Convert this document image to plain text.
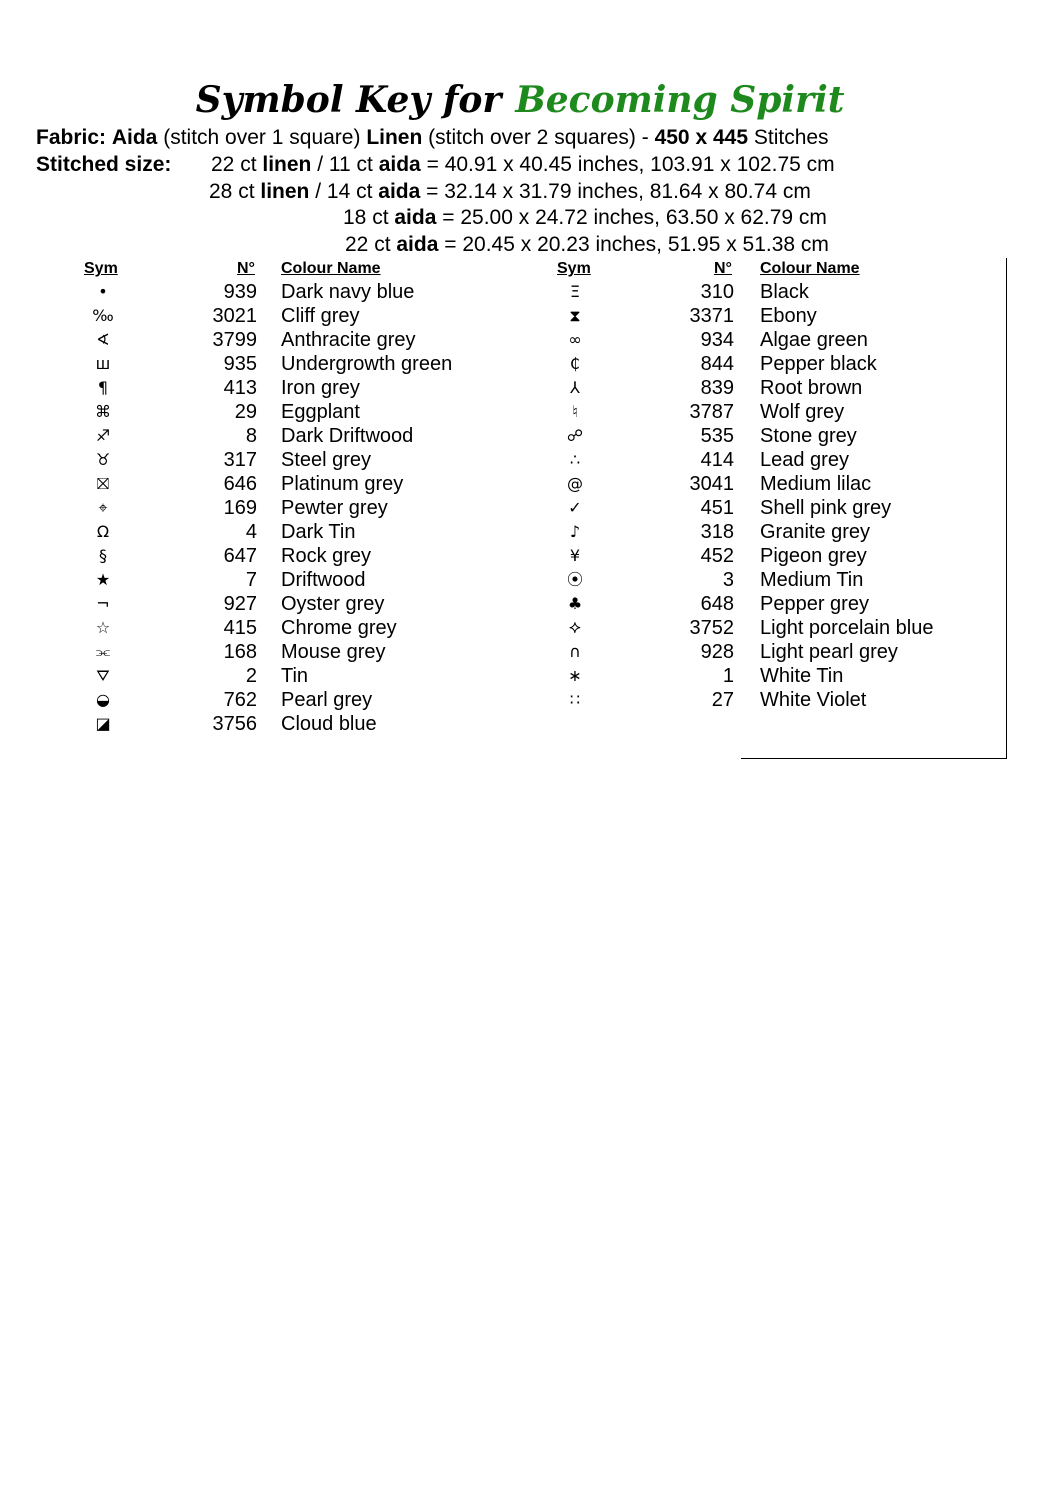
Symbol Key for Becoming Spirit
Fabric: Aida (stitch over 1 square) Linen (stitch over 2 squares) - 450 x 445 Stitches
Stitched size: 22 ct linen / 11 ct aida = 40.91 x 40.45 inches, 103.91 x 102.75 cm
28 ct linen / 14 ct aida = 32.14 x 31.79 inches, 81.64 x 80.74 cm
18 ct aida = 25.00 x 24.72 inches, 63.50 x 62.79 cm
22 ct aida = 20.45 x 20.23 inches, 51.95 x 51.38 cm
Sym	N° Colour Name	Sym	N° Colour Name
•	939 Dark navy blue
‰	3021 Cliff grey
∢	3799 Anthracite grey
ш	935 Undergrowth green
¶	413 Iron grey
⌘	29 Eggplant
♐	8 Dark Driftwood
♉	317 Steel grey
⛝	646 Platinum grey
⌖	169 Pewter grey
Ω	4 Dark Tin
§	647 Rock grey
★	7 Driftwood
¬	927 Oyster grey
☆	415 Chrome grey
⫘	168 Mouse grey
⛛	2 Tin
◒	762 Pearl grey
◪	3756 Cloud blue
Ξ	310 Black
⧗	3371 Ebony
∞	934 Algae green
₵	844 Pepper black
⅄	839 Root brown
♮	3787 Wolf grey
☍	535 Stone grey
∴	414 Lead grey
@	3041 Medium lilac
✓	451 Shell pink grey
♪	318 Granite grey
¥	452 Pigeon grey
⦿	3 Medium Tin
♣	648 Pepper grey
⯎	3752 Light porcelain blue
∩	928 Light pearl grey
∗	1 White Tin
∷	27 White Violet
